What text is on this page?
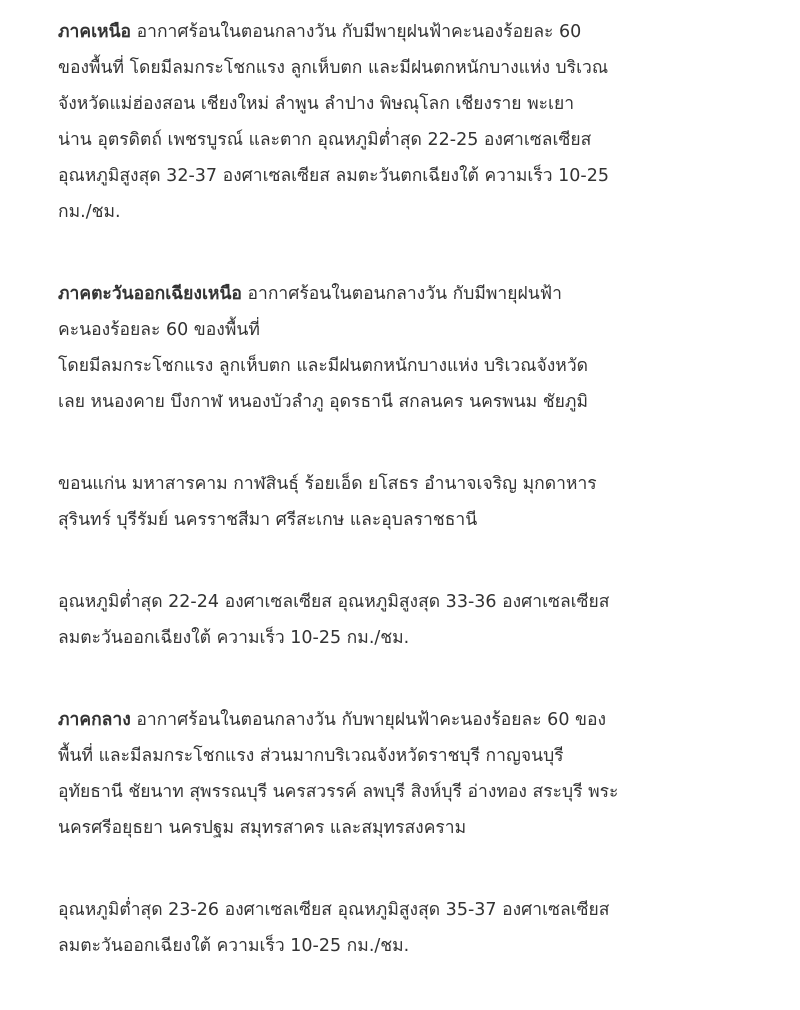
ภาคเหนือ อากาศร้อนในตอนกลางวัน กับมีพายุฝนฟ้าคะนองร้อยละ 60
ของพื้นที่ โดยมีลมกระโชกแรง ลูกเห็บตก และมีฝนตกหนักบางแห่ง บริเวณ
จังหวัดแม่ฮ่องสอน เชียงใหม่ ลำพูน ลำปาง พิษณุโลก เชียงราย พะเยา
น่าน อุตรดิตถ์ เพชรบูรณ์ และตาก อุณหภูมิต่ำสุด 22-25 องศาเซลเซียส
อุณหภูมิสูงสุด 32-37 องศาเซลเซียส ลมตะวันตกเฉียงใต้ ความเร็ว 10-25
กม./ชม.

ภาคตะวันออกเฉียงเหนือ อากาศร้อนในตอนกลางวัน กับมีพายุฝนฟ้า
คะนองร้อยละ 60 ของพื้นที่
โดยมีลมกระโชกแรง ลูกเห็บตก และมีฝนตกหนักบางแห่ง บริเวณจังหวัด
เลย หนองคาย บึงกาฬ หนองบัวลำภู อุดรธานี สกลนคร นครพนม ชัยภูมิ

ขอนแก่น มหาสารคาม กาฬสินธุ์ ร้อยเอ็ด ยโสธร อำนาจเจริญ มุกดาหาร
สุรินทร์ บุรีรัมย์ นครราชสีมา ศรีสะเกษ และอุบลราชธานี

อุณหภูมิต่ำสุด 22-24 องศาเซลเซียส อุณหภูมิสูงสุด 33-36 องศาเซลเซียส
ลมตะวันออกเฉียงใต้ ความเร็ว 10-25 กม./ชม.

ภาคกลาง อากาศร้อนในตอนกลางวัน กับพายุฝนฟ้าคะนองร้อยละ 60 ของ
พื้นที่ และมีลมกระโชกแรง ส่วนมากบริเวณจังหวัดราชบุรี กาญจนบุรี
อุทัยธานี ชัยนาท สุพรรณบุรี นครสวรรค์ ลพบุรี สิงห์บุรี อ่างทอง สระบุรี พระ
นครศรีอยุธยา นครปฐม สมุทรสาคร และสมุทรสงคราม

อุณหภูมิต่ำสุด 23-26 องศาเซลเซียส อุณหภูมิสูงสุด 35-37 องศาเซลเซียส
ลมตะวันออกเฉียงใต้ ความเร็ว 10-25 กม./ชม.
